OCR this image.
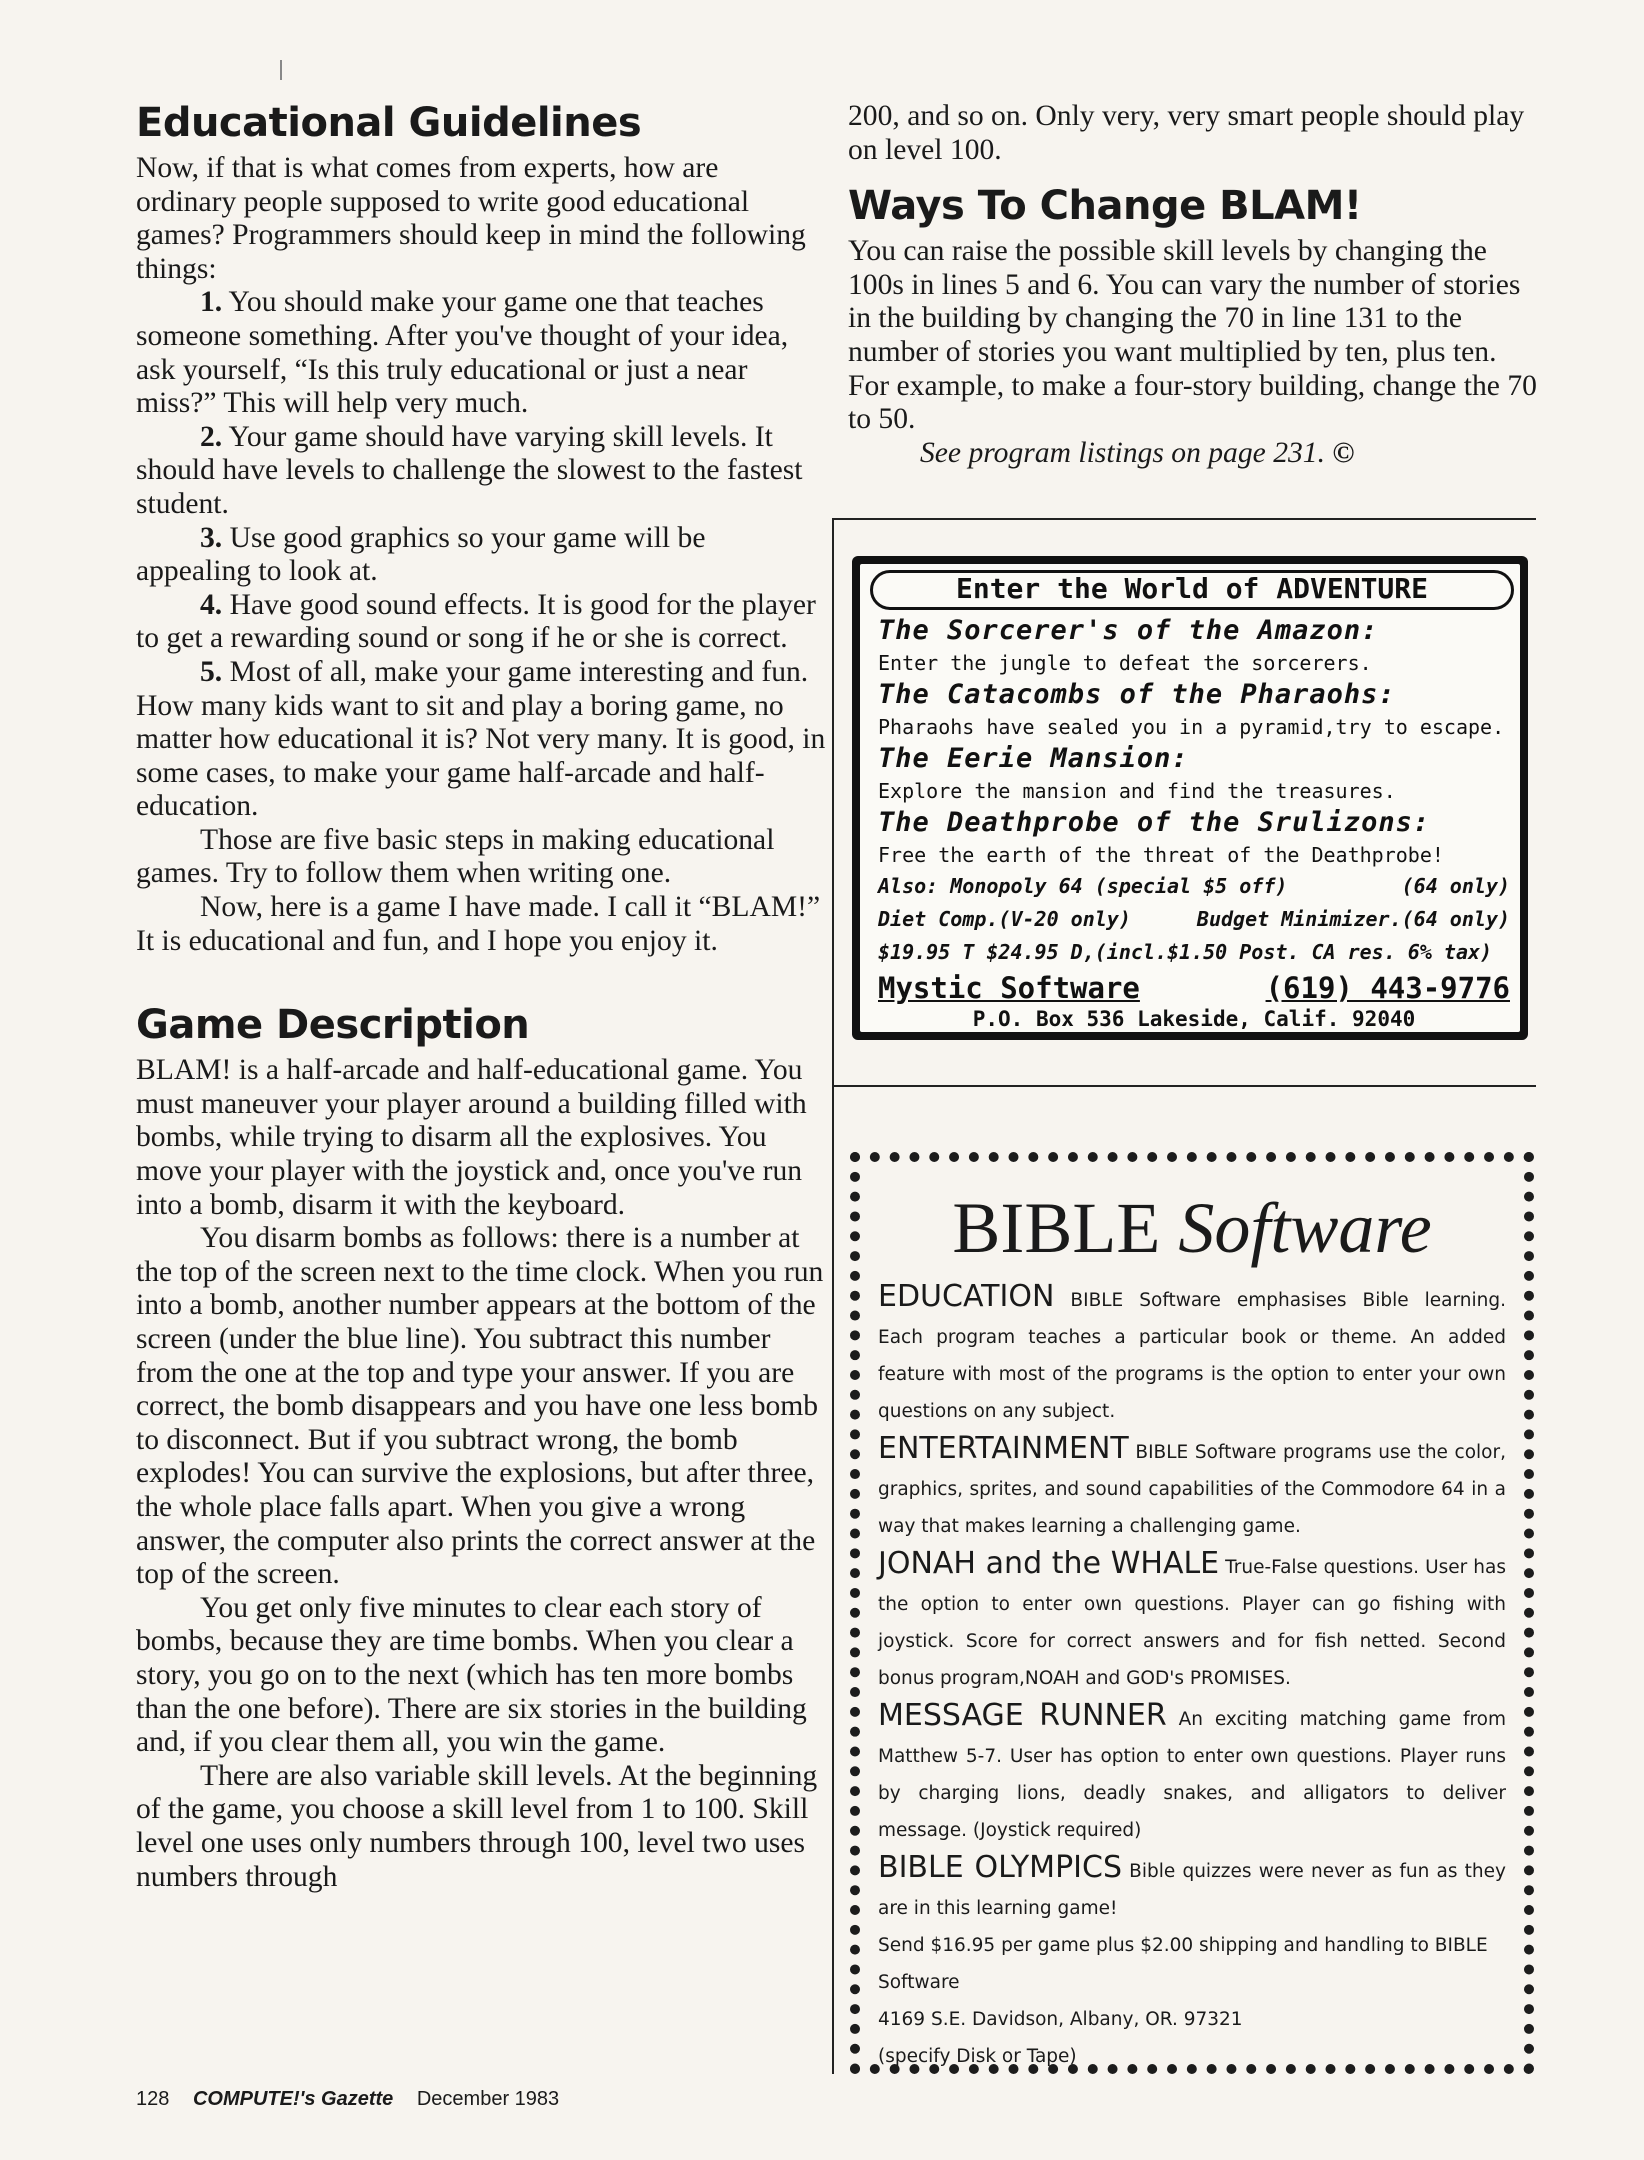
Educational Guidelines

Now, if that is what comes from experts, how are ordinary people supposed to write good educational games? Programmers should keep in mind the following things:

1. You should make your game one that teaches someone something. After you've thought of your idea, ask yourself, “Is this truly educational or just a near miss?” This will help very much.

2. Your game should have varying skill levels. It should have levels to challenge the slowest to the fastest student.

3. Use good graphics so your game will be appealing to look at.

4. Have good sound effects. It is good for the player to get a rewarding sound or song if he or she is correct.

5. Most of all, make your game interesting and fun. How many kids want to sit and play a boring game, no matter how educational it is? Not very many. It is good, in some cases, to make your game half-arcade and half-education.

Those are five basic steps in making educational games. Try to follow them when writing one.

Now, here is a game I have made. I call it “BLAM!” It is educational and fun, and I hope you enjoy it.

Game Description

BLAM! is a half-arcade and half-educational game. You must maneuver your player around a building filled with bombs, while trying to disarm all the explosives. You move your player with the joystick and, once you've run into a bomb, disarm it with the keyboard.

You disarm bombs as follows: there is a number at the top of the screen next to the time clock. When you run into a bomb, another number appears at the bottom of the screen (under the blue line). You subtract this number from the one at the top and type your answer. If you are correct, the bomb disappears and you have one less bomb to disconnect. But if you subtract wrong, the bomb explodes! You can survive the explosions, but after three, the whole place falls apart. When you give a wrong answer, the computer also prints the correct answer at the top of the screen.

You get only five minutes to clear each story of bombs, because they are time bombs. When you clear a story, you go on to the next (which has ten more bombs than the one before). There are six stories in the building and, if you clear them all, you win the game.

There are also variable skill levels. At the beginning of the game, you choose a skill level from 1 to 100. Skill level one uses only numbers through 100, level two uses numbers through

200, and so on. Only very, very smart people should play on level 100.

Ways To Change BLAM!

You can raise the possible skill levels by changing the 100s in lines 5 and 6. You can vary the number of stories in the building by changing the 70 in line 131 to the number of stories you want multiplied by ten, plus ten. For example, to make a four-story building, change the 70 to 50.

See program listings on page 231. ©

Enter the World of ADVENTURE
The Sorcerer's of the Amazon:
Enter the jungle to defeat the sorcerers.
The Catacombs of the Pharaohs:
Pharaohs have sealed you in a pyramid,try to escape.
The Eerie Mansion:
Explore the mansion and find the treasures.
The Deathprobe of the Srulizons:
Free the earth of the threat of the Deathprobe!
Also: Monopoly 64 (special $5 off)	(64 only)
Diet Comp.(V-20 only)	Budget Minimizer.(64 only)
$19.95 T $24.95 D,(incl.$1.50 Post. CA res. 6% tax)
Mystic Software	(619) 443-9776
P.O. Box 536 Lakeside, Calif. 92040
BIBLE Software

EDUCATION BIBLE Software emphasises Bible learning. Each program teaches a particular book or theme. An added feature with most of the programs is the option to enter your own questions on any subject.

ENTERTAINMENT BIBLE Software programs use the color, graphics, sprites, and sound capabilities of the Commodore 64 in a way that makes learning a challenging game.

JONAH and the WHALE True-False questions. User has the option to enter own questions. Player can go fishing with joystick. Score for correct answers and for fish netted. Second bonus program,NOAH and GOD's PROMISES.

MESSAGE RUNNER An exciting matching game from Matthew 5-7. User has option to enter own questions. Player runs by charging lions, deadly snakes, and alligators to deliver message. (Joystick required)

BIBLE OLYMPICS Bible quizzes were never as fun as they are in this learning game!

Send $16.95 per game plus $2.00 shipping and handling to BIBLE Software

4169 S.E. Davidson, Albany, OR. 97321

(specify Disk or Tape)

128 COMPUTE!'s Gazette December 1983
